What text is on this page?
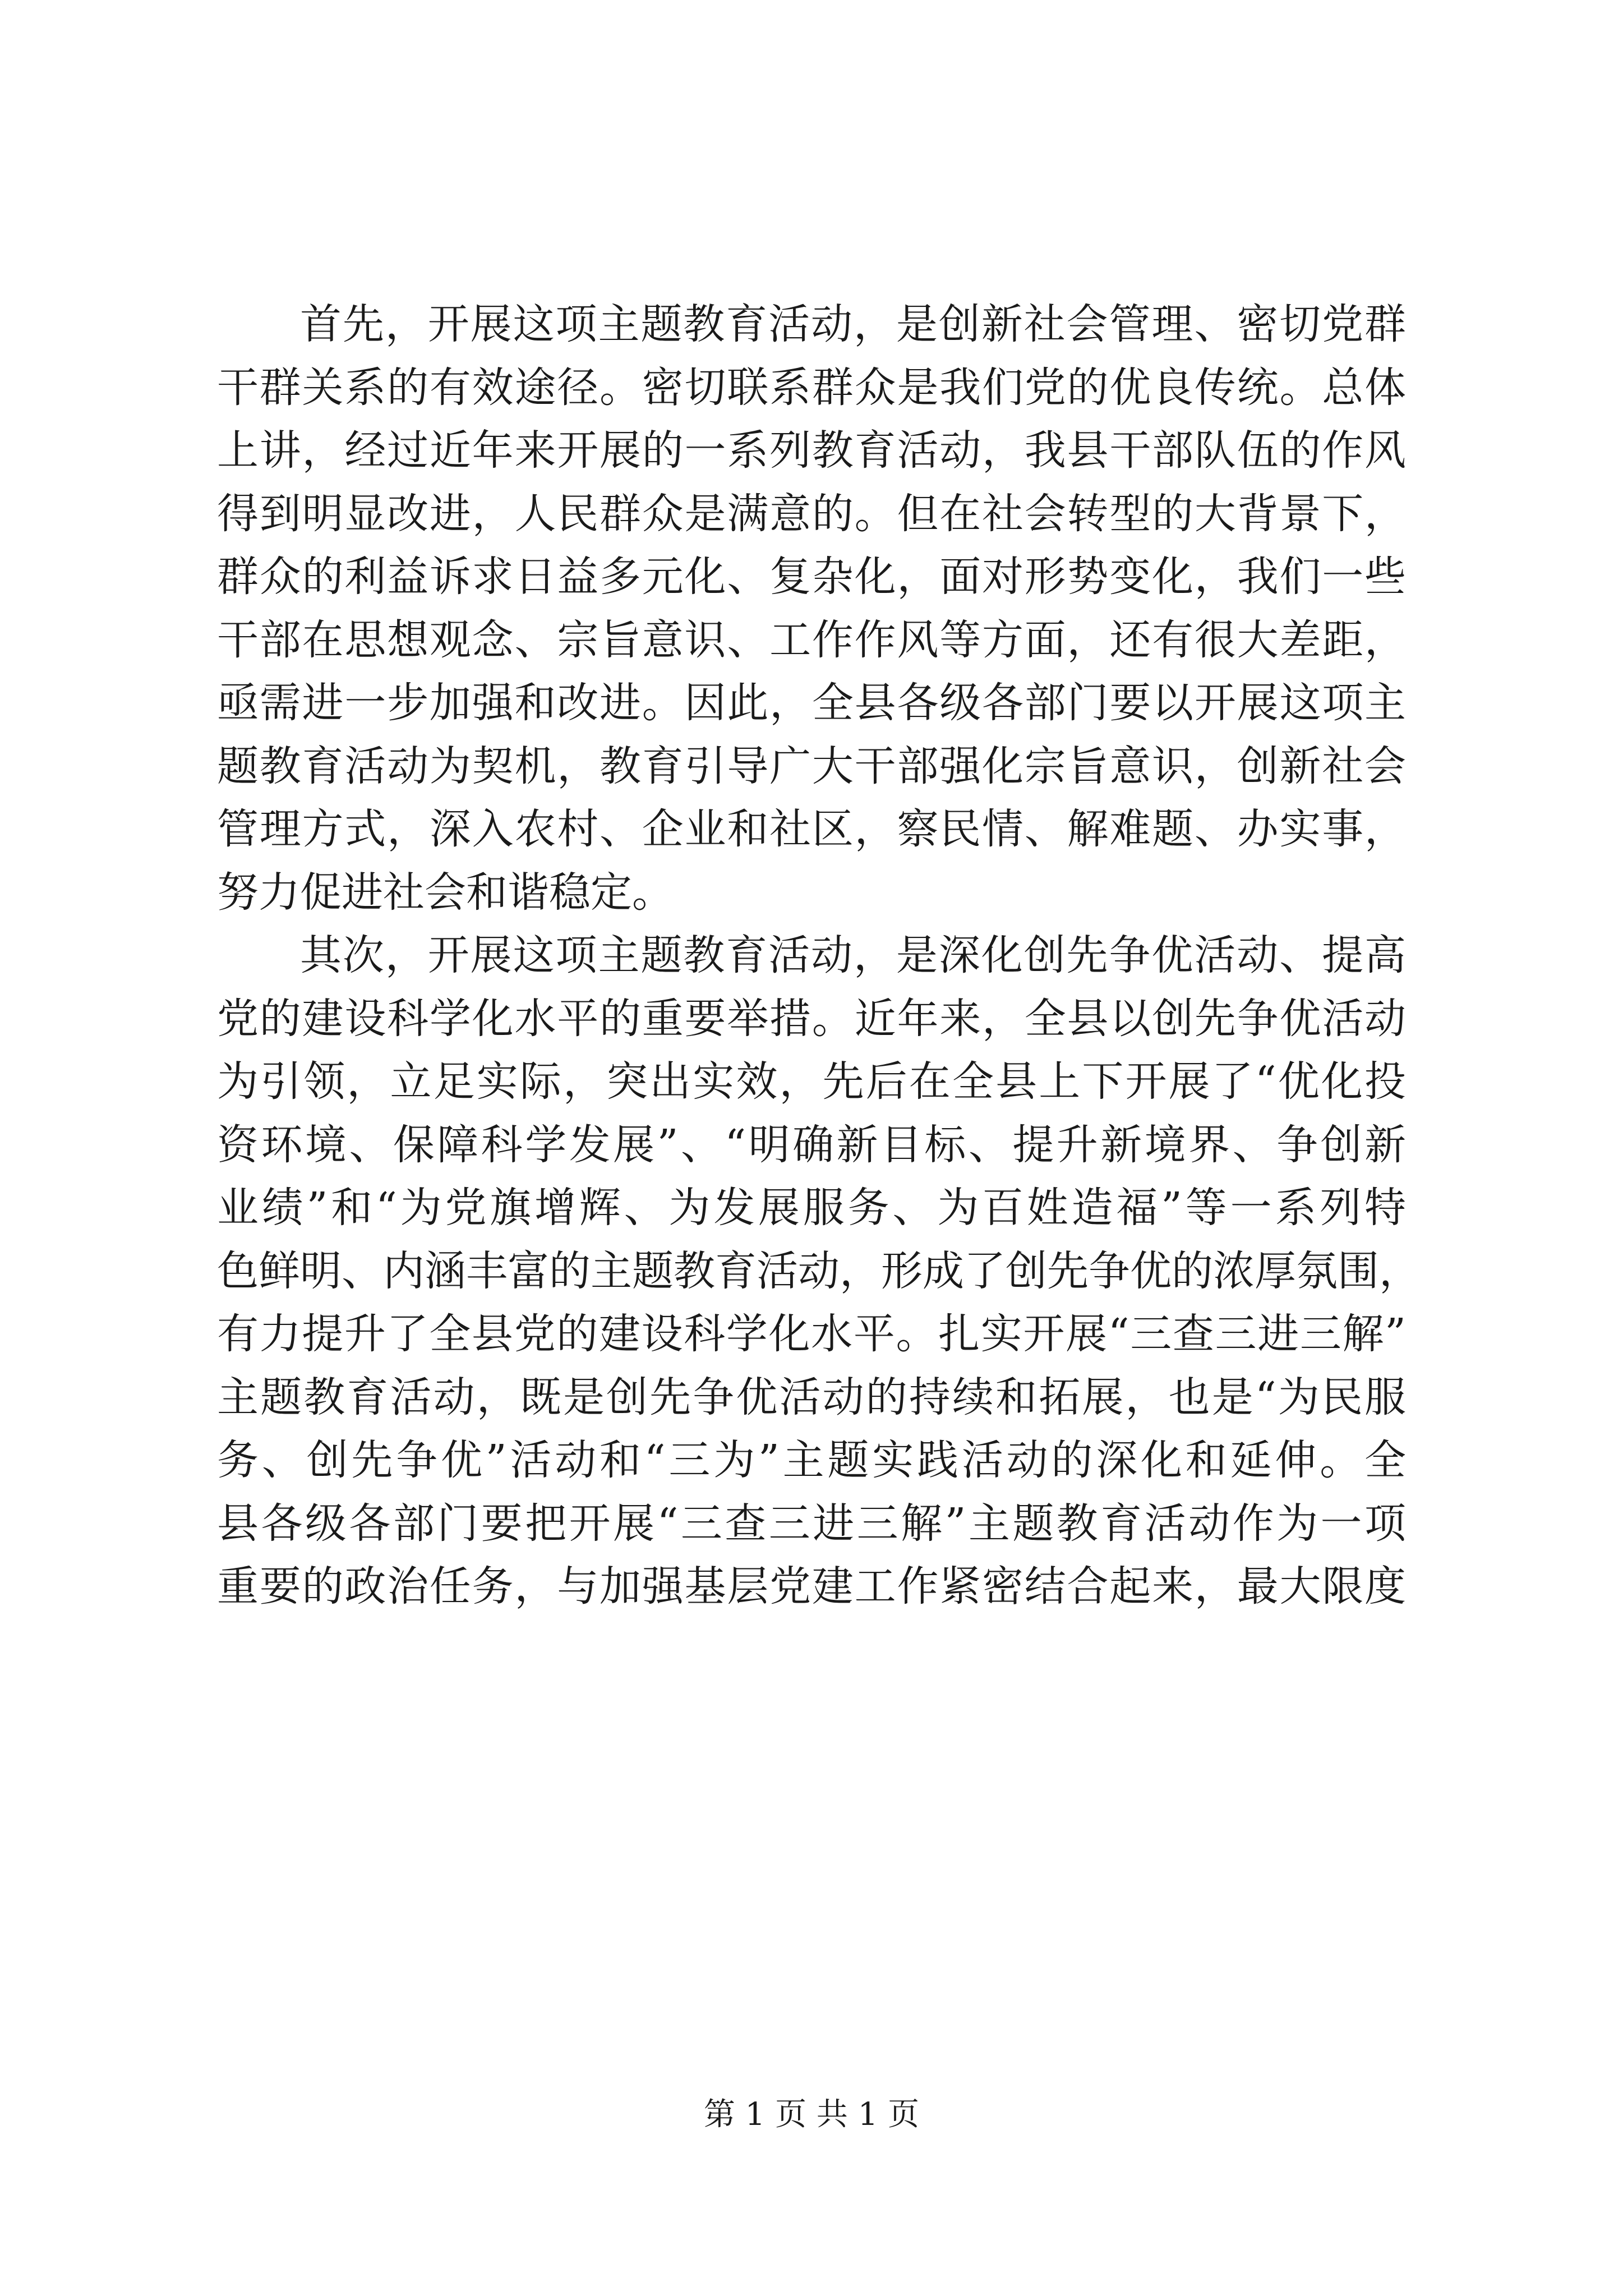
首先，开展这项主题教育活动，是创新社会管理、密切党群
干群关系的有效途径。密切联系群众是我们党的优良传统。总体
上讲，经过近年来开展的一系列教育活动，我县干部队伍的作风
得到明显改进，人民群众是满意的。但在社会转型的大背景下，
群众的利益诉求日益多元化、复杂化，面对形势变化，我们一些
干部在思想观念、宗旨意识、工作作风等方面，还有很大差距，
亟需进一步加强和改进。因此，全县各级各部门要以开展这项主
题教育活动为契机，教育引导广大干部强化宗旨意识，创新社会
管理方式，深入农村、企业和社区，察民情、解难题、办实事，
努力促进社会和谐稳定。
其次，开展这项主题教育活动，是深化创先争优活动、提高
党的建设科学化水平的重要举措。近年来，全县以创先争优活动
为引领，立足实际，突出实效，先后在全县上下开展了“优化投
资环境、保障科学发展”、“明确新目标、提升新境界、争创新
业绩”和“为党旗增辉、为发展服务、为百姓造福”等一系列特
色鲜明、内涵丰富的主题教育活动，形成了创先争优的浓厚氛围，
有力提升了全县党的建设科学化水平。扎实开展“三查三进三解”
主题教育活动，既是创先争优活动的持续和拓展，也是“为民服
务、创先争优”活动和“三为”主题实践活动的深化和延伸。全
县各级各部门要把开展“三查三进三解”主题教育活动作为一项
重要的政治任务，与加强基层党建工作紧密结合起来，最大限度
第 1 页 共 1 页
